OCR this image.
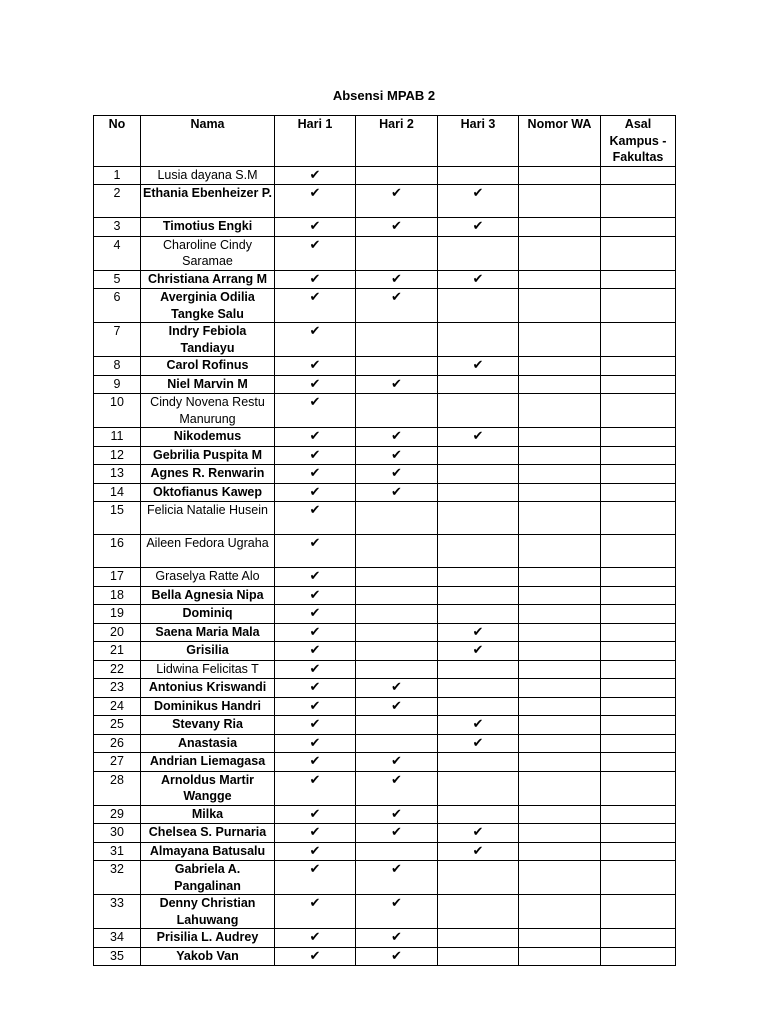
Absensi MPAB 2
No	Nama	Hari 1	Hari 2	Hari 3	Nomor WA	Asal Kampus - Fakultas
1	Lusia dayana S.M	✔				
2	Ethania Ebenheizer P.	✔	✔	✔		
3	Timotius Engki	✔	✔	✔		
4	Charoline Cindy Saramae	✔				
5	Christiana Arrang M	✔	✔	✔		
6	Averginia Odilia Tangke Salu	✔	✔			
7	Indry Febiola Tandiayu	✔				
8	Carol Rofinus	✔		✔		
9	Niel Marvin M	✔	✔			
10	Cindy Novena Restu Manurung	✔				
11	Nikodemus	✔	✔	✔		
12	Gebrilia Puspita M	✔	✔			
13	Agnes R. Renwarin	✔	✔			
14	Oktofianus Kawep	✔	✔			
15	Felicia Natalie Husein	✔				
16	Aileen Fedora Ugraha	✔				
17	Graselya Ratte Alo	✔				
18	Bella Agnesia Nipa	✔				
19	Dominiq	✔				
20	Saena Maria Mala	✔		✔		
21	Grisilia	✔		✔		
22	Lidwina Felicitas T	✔				
23	Antonius Kriswandi	✔	✔			
24	Dominikus Handri	✔	✔			
25	Stevany Ria	✔		✔		
26	Anastasia	✔		✔		
27	Andrian Liemagasa	✔	✔			
28	Arnoldus Martir Wangge	✔	✔			
29	Milka	✔	✔			
30	Chelsea S. Purnaria	✔	✔	✔		
31	Almayana Batusalu	✔		✔		
32	Gabriela A. Pangalinan	✔	✔			
33	Denny Christian Lahuwang	✔	✔			
34	Prisilia L. Audrey	✔	✔			
35	Yakob Van	✔	✔			
